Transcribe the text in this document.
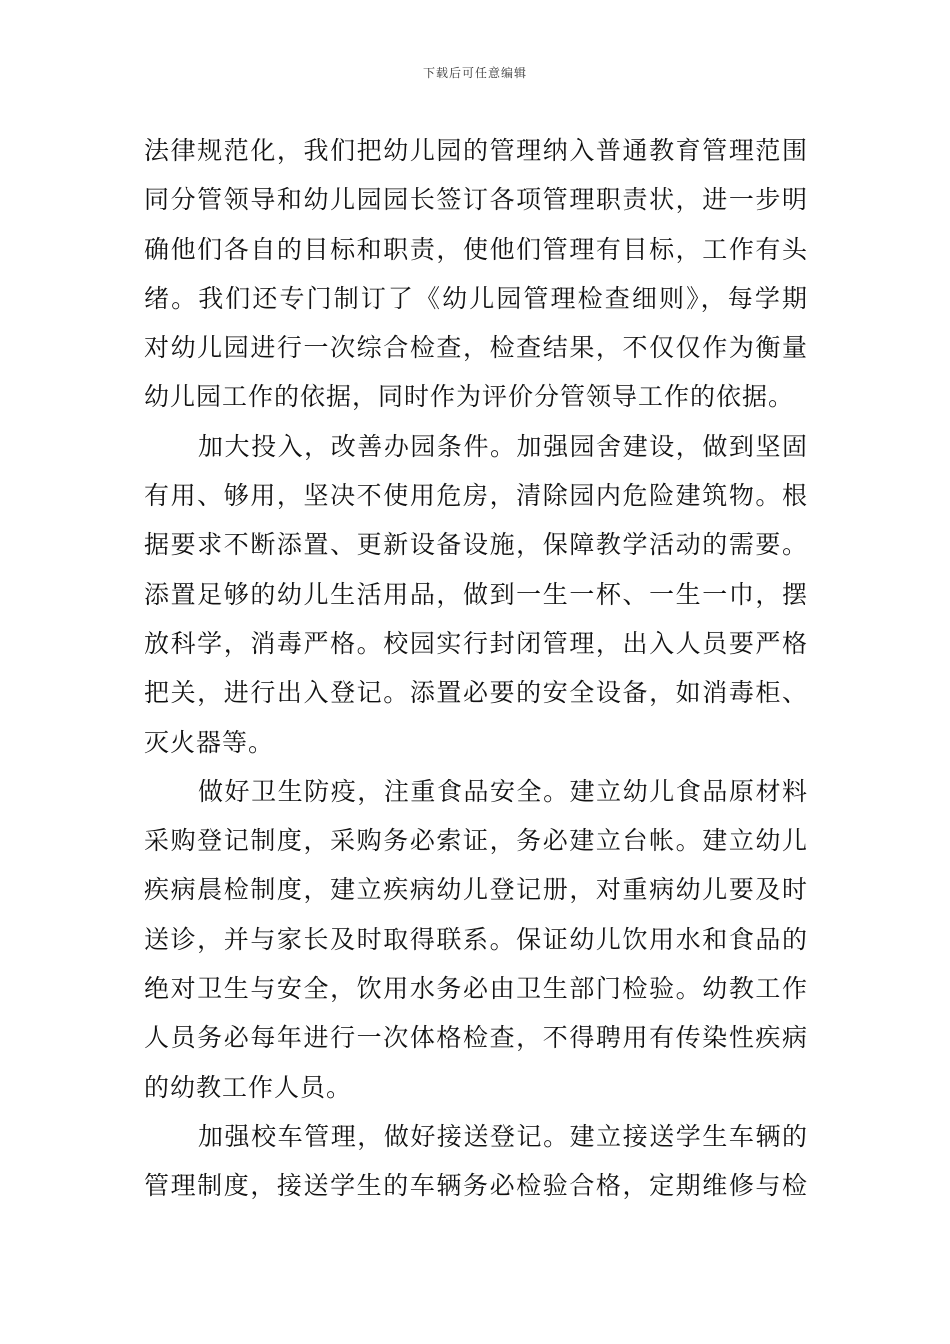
下载后可任意编辑
法律规范化，我们把幼儿园的管理纳入普通教育管理范围
同分管领导和幼儿园园长签订各项管理职责状，进一步明
确他们各自的目标和职责，使他们管理有目标，工作有头
绪。我们还专门制订了《幼儿园管理检查细则》，每学期
对幼儿园进行一次综合检查，检查结果，不仅仅作为衡量
幼儿园工作的依据，同时作为评价分管领导工作的依据。
加大投入，改善办园条件。加强园舍建设，做到坚固
有用、够用，坚决不使用危房，清除园内危险建筑物。根
据要求不断添置、更新设备设施，保障教学活动的需要。
添置足够的幼儿生活用品，做到一生一杯、一生一巾，摆
放科学，消毒严格。校园实行封闭管理，出入人员要严格
把关，进行出入登记。添置必要的安全设备，如消毒柜、
灭火器等。
做好卫生防疫，注重食品安全。建立幼儿食品原材料
采购登记制度，采购务必索证，务必建立台帐。建立幼儿
疾病晨检制度，建立疾病幼儿登记册，对重病幼儿要及时
送诊，并与家长及时取得联系。保证幼儿饮用水和食品的
绝对卫生与安全，饮用水务必由卫生部门检验。幼教工作
人员务必每年进行一次体格检查，不得聘用有传染性疾病
的幼教工作人员。
加强校车管理，做好接送登记。建立接送学生车辆的
管理制度，接送学生的车辆务必检验合格，定期维修与检
